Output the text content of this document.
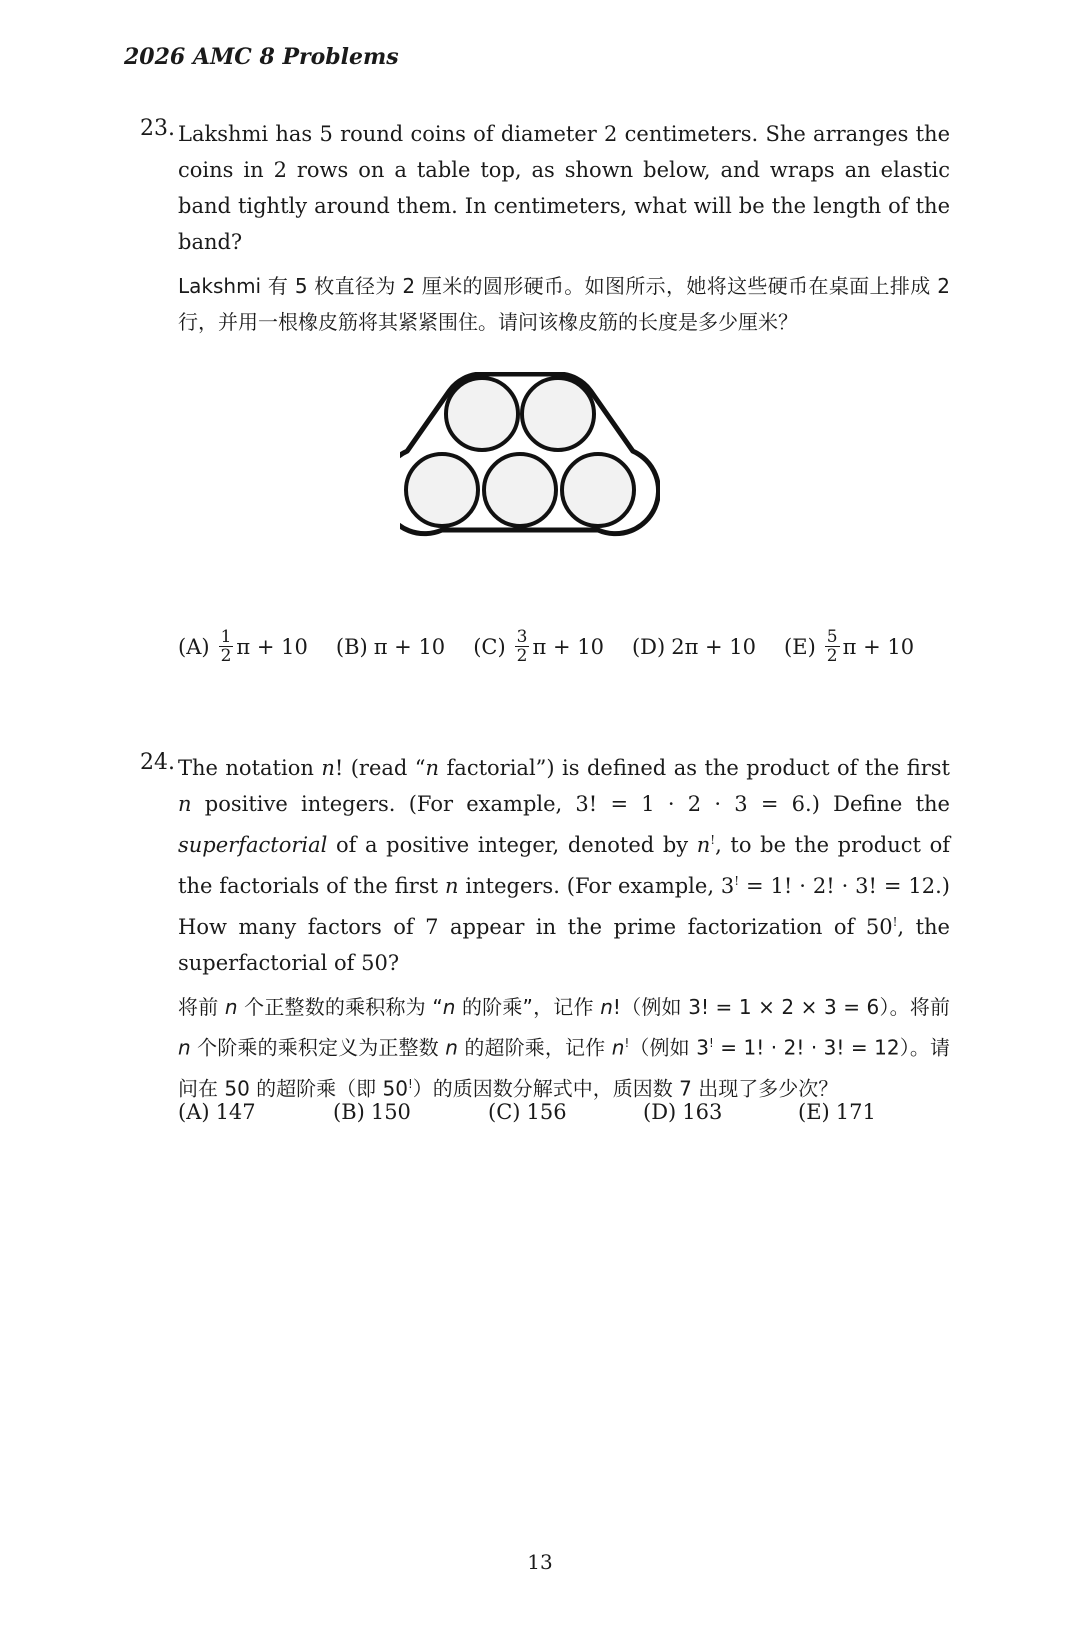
2026 AMC 8 Problems
23. Lakshmi has 5 round coins of diameter 2 centimeters. She arranges the coins in 2 rows on a table top, as shown below, and wraps an elastic band tightly around them. In centimeters, what will be the length of the band?

Lakshmi 有 5 枚直径为 2 厘米的圆形硬币。如图所示，她将这些硬币在桌面上排成 2 行，并用一根橡皮筋将其紧紧围住。请问该橡皮筋的长度是多少厘米？

$(A) \frac{1}{2}$ π + 10 (B) π + 10 $(C) \frac{3}{2}$ π + 10 (D) 2π + 10 $(E) \frac{5}{2}$ π + 10
24. The notation n! (read “n factorial”) is defined as the product of the first n positive integers. (For example, 3! = 1 · 2 · 3 = 6.) Define the superfactorial of a positive integer, denoted by n!, to be the product of the factorials of the first n integers. (For example, 3! = 1! · 2! · 3! = 12.) How many factors of 7 appear in the prime factorization of 50!, the superfactorial of 50?

将前 n 个正整数的乘积称为 “n 的阶乘”，记作 n!（例如 3! = 1 × 2 × 3 = 6）。将前 n 个阶乘的乘积定义为正整数 n 的超阶乘，记作 n!（例如 3! = 1! · 2! · 3! = 12）。请问在 50 的超阶乘（即 50!）的质因数分解式中，质因数 7 出现了多少次？

(A) 147	(B) 150	(C) 156	(D) 163	(E) 171
13
